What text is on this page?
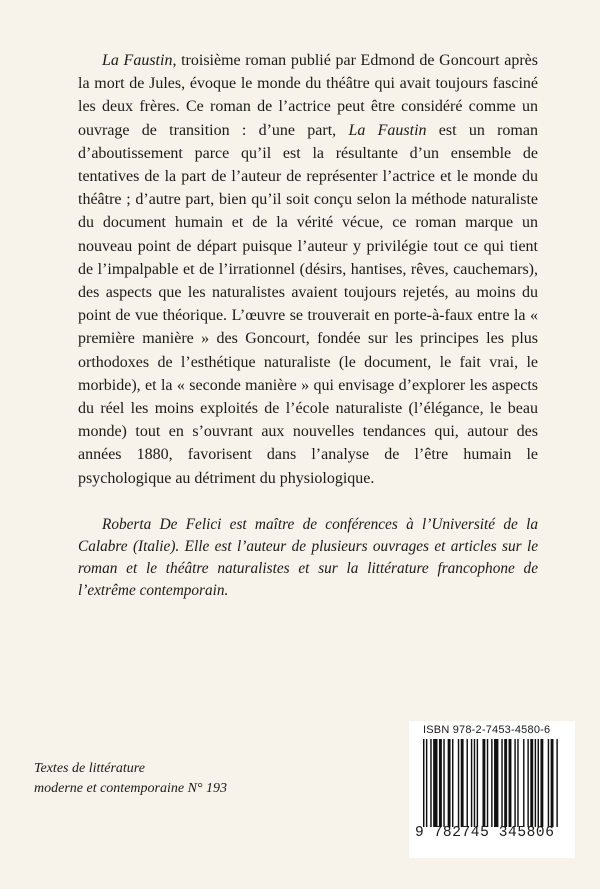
La Faustin, troisième roman publié par Edmond de Goncourt après la mort de Jules, évoque le monde du théâtre qui avait toujours fasciné les deux frères. Ce roman de l’actrice peut être considéré comme un ouvrage de transition : d’une part, La Faustin est un roman d’aboutissement parce qu’il est la résultante d’un ensemble de tentatives de la part de l’auteur de représenter l’actrice et le monde du théâtre ; d’autre part, bien qu’il soit conçu selon la méthode naturaliste du document humain et de la vérité vécue, ce roman marque un nouveau point de départ puisque l’auteur y privilégie tout ce qui tient de l’impalpable et de l’irrationnel (désirs, hantises, rêves, cauchemars), des aspects que les naturalistes avaient toujours rejetés, au moins du point de vue théorique. L’œuvre se trouverait en porte-à-faux entre la « première manière » des Goncourt, fondée sur les principes les plus orthodoxes de l’esthétique naturaliste (le document, le fait vrai, le morbide), et la « seconde manière » qui envisage d’explorer les aspects du réel les moins exploités de l’école naturaliste (l’élégance, le beau monde) tout en s’ouvrant aux nouvelles tendances qui, autour des années 1880, favorisent dans l’analyse de l’être humain le psychologique au détriment du physiologique.

Roberta De Felici est maître de conférences à l’Université de la Calabre (Italie). Elle est l’auteur de plusieurs ouvrages et articles sur le roman et le théâtre naturalistes et sur la littérature francophone de l’extrême contemporain.

Textes de littérature
moderne et contemporaine N° 193
ISBN 978-2-7453-4580-6
9 782745 345806
